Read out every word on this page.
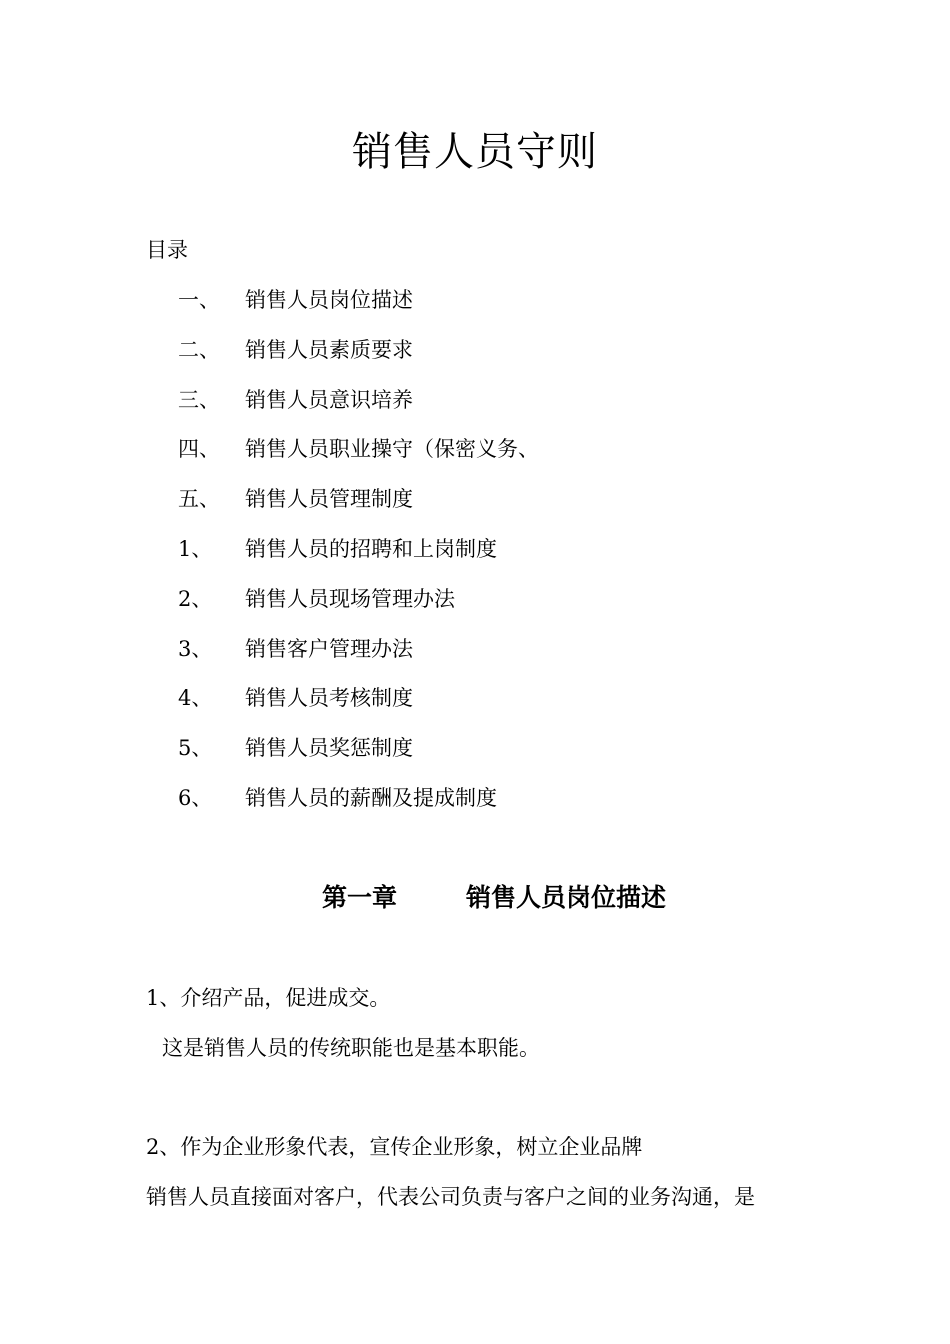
销售人员守则
目录
一、	销售人员岗位描述
二、	销售人员素质要求
三、	销售人员意识培养
四、	销售人员职业操守（保密义务、
五、	销售人员管理制度
1、	销售人员的招聘和上岗制度
2、	销售人员现场管理办法
3、	销售客户管理办法
4、	销售人员考核制度
5、	销售人员奖惩制度
6、	销售人员的薪酬及提成制度
第一章	销售人员岗位描述
1、介绍产品，促进成交。
这是销售人员的传统职能也是基本职能。
2、作为企业形象代表，宣传企业形象，树立企业品牌
销售人员直接面对客户，代表公司负责与客户之间的业务沟通，是
